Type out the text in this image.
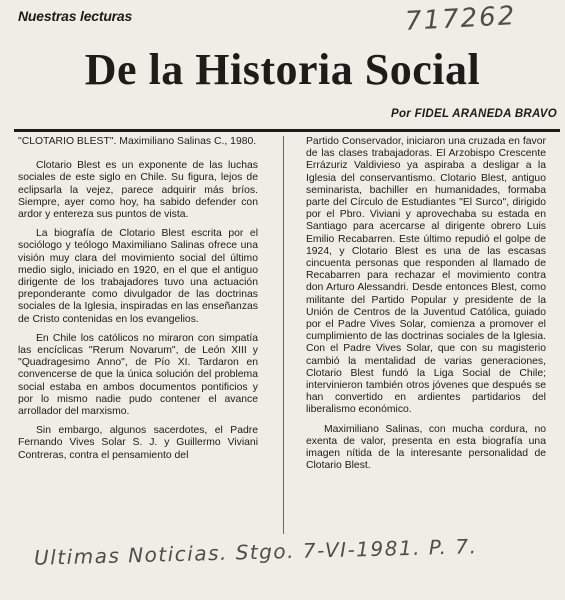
Nuestras lecturas	717262
De la Historia Social
Por FIDEL ARANEDA BRAVO

"CLOTARIO BLEST". Maximiliano Salinas C., 1980.

Clotario Blest es un exponente de las luchas sociales de este siglo en Chile. Su figura, lejos de eclipsarla la vejez, parece adquirir más bríos. Siempre, ayer como hoy, ha sabido defender con ardor y entereza sus puntos de vista.

La biografía de Clotario Blest escrita por el sociólogo y teólogo Maximiliano Salinas ofrece una visión muy clara del movimiento social del último medio siglo, iniciado en 1920, en el que el antiguo dirigente de los trabajadores tuvo una actuación preponderante como divulgador de las doctrinas sociales de la Iglesia, inspiradas en las enseñanzas de Cristo contenidas en los evangelios.

En Chile los católicos no miraron con simpatía las encíclicas "Rerum Novarum", de León XIII y "Quadragesimo Anno", de Pío XI. Tardaron en convencerse de que la única solución del problema social estaba en ambos documentos pontificios y por lo mismo nadie pudo contener el avance arrollador del marxismo.

Sin embargo, algunos sacerdotes, el Padre Fernando Vives Solar S. J. y Guillermo Viviani Contreras, contra el pensamiento del

Partido Conservador, iniciaron una cruzada en favor de las clases trabajadoras. El Arzobispo Crescente Errázuriz Valdivieso ya aspiraba a desligar a la Iglesia del conservantismo. Clotario Blest, antiguo seminarista, bachiller en humanidades, formaba parte del Círculo de Estudiantes "El Surco", dirigido por el Pbro. Viviani y aprovechaba su estada en Santiago para acercarse al dirigente obrero Luis Emilio Recabarren. Este último repudió el golpe de 1924, y Clotario Blest es una de las escasas cincuenta personas que responden al llamado de Recabarren para rechazar el movimiento contra don Arturo Alessandri. Desde entonces Blest, como militante del Partido Popular y presidente de la Unión de Centros de la Juventud Católica, guiado por el Padre Vives Solar, comienza a promover el cumplimiento de las doctrinas sociales de la Iglesia. Con el Padre Vives Solar, que con su magisterio cambió la mentalidad de varias generaciones, Clotario Blest fundó la Liga Social de Chile; intervinieron también otros jóvenes que después se han convertido en ardientes partidarios del liberalismo económico.

Maximiliano Salinas, con mucha cordura, no exenta de valor, presenta en esta biografía una imagen nítida de la interesante personalidad de Clotario Blest.

Ultimas Noticias. Stgo. 7-VI-1981. P. 7.
